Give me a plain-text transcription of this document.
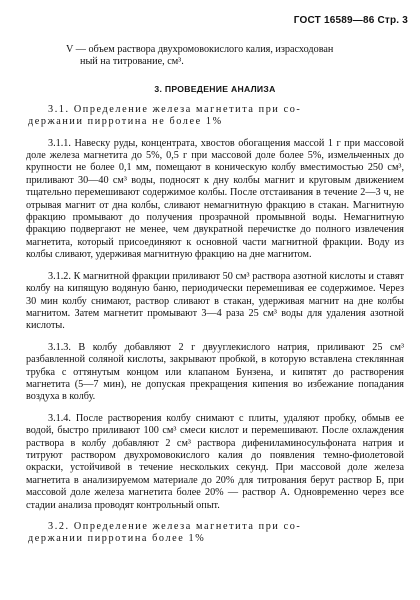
ГОСТ 16589—86 Стр. 3

V — объем раствора двухромовокислого калия, израсходован

ный на титрование, см³.

3. ПРОВЕДЕНИЕ АНАЛИЗА

3.1. Определение железа магнетита при со-

держании пирротина не более 1%

3.1.1. Навеску руды, концентрата, хвостов обогащения массой 1 г при массовой доле железа магнетита до 5%, 0,5 г при массовой доле более 5%, измельченных до крупности не более 0,1 мм, помещают в коническую колбу вместимостью 250 см³, приливают 30—40 см³ воды, подносят к дну колбы магнит и круговым движением тщательно перемешивают содержимое колбы. После отстаивания в течение 2—3 ч, не отрывая магнит от дна колбы, сливают немагнитную фракцию в стакан. Магнитную фракцию промывают до получения прозрачной промывной воды. Немагнитную фракцию подвергают не менее, чем двукратной перечистке до полного извлечения магнетита, который присоединяют к основной части магнитной фракции. Воду из колбы сливают, удерживая магнитную фракцию на дне магнитом.

3.1.2. К магнитной фракции приливают 50 см³ раствора азотной кислоты и ставят колбу на кипящую водяную баню, периодически перемешивая ее содержимое. Через 30 мин колбу снимают, раствор сливают в стакан, удерживая магнит на дне колбы магнитом. Затем магнетит промывают 3—4 раза 25 см³ воды для удаления азотной кислоты.

3.1.3. В колбу добавляют 2 г двууглекислого натрия, приливают 25 см³ разбавленной соляной кислоты, закрывают пробкой, в которую вставлена стеклянная трубка с оттянутым концом или клапаном Бунзена, и кипятят до растворения магнетита (5—7 мин), не допуская прекращения кипения во избежание попадания воздуха в колбу.

3.1.4. После растворения колбу снимают с плиты, удаляют пробку, обмыв ее водой, быстро приливают 100 см³ смеси кислот и перемешивают. После охлаждения раствора в колбу добавляют 2 см³ раствора дифениламиносульфоната натрия и титруют раствором двухромовокислого калия до появления темно-фиолетовой окраски, устойчивой в течение нескольких секунд. При массовой доле железа магнетита в анализируемом материале до 20% для титрования берут раствор Б, при массовой доле железа магнетита более 20% — раствор А. Одновременно через все стадии анализа проводят контрольный опыт.

3.2. Определение железа магнетита при со-

держании пирротина более 1%
